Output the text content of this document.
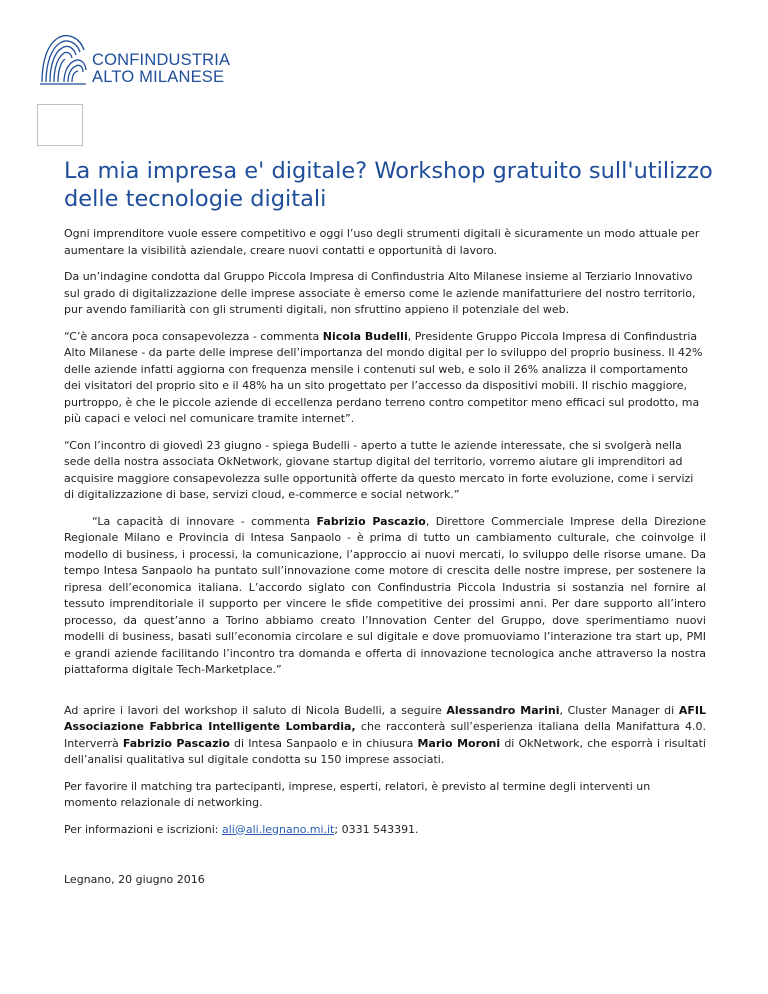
CONFINDUSTRIA
ALTO MILANESE
La mia impresa e' digitale? Workshop gratuito sull'utilizzo delle tecnologie digitali

Ogni imprenditore vuole essere competitivo e oggi l’uso degli strumenti digitali è sicuramente un modo attuale per aumentare la visibilità aziendale, creare nuovi contatti e opportunità di lavoro.

Da un’indagine condotta dal Gruppo Piccola Impresa di Confindustria Alto Milanese insieme al Terziario Innovativo sul grado di digitalizzazione delle imprese associate è emerso come le aziende manifatturiere del nostro territorio, pur avendo familiarità con gli strumenti digitali, non sfruttino appieno il potenziale del web.

“C’è ancora poca consapevolezza - commenta Nicola Budelli, Presidente Gruppo Piccola Impresa di Confindustria Alto Milanese - da parte delle imprese dell’importanza del mondo digital per lo sviluppo del proprio business. Il 42% delle aziende infatti aggiorna con frequenza mensile i contenuti sul web, e solo il 26% analizza il comportamento dei visitatori del proprio sito e il 48% ha un sito progettato per l’accesso da dispositivi mobili. Il rischio maggiore, purtroppo, è che le piccole aziende di eccellenza perdano terreno contro competitor meno efficaci sul prodotto, ma più capaci e veloci nel comunicare tramite internet”.

“Con l’incontro di giovedì 23 giugno - spiega Budelli - aperto a tutte le aziende interessate, che si svolgerà nella sede della nostra associata OkNetwork, giovane startup digital del territorio, vorremo aiutare gli imprenditori ad acquisire maggiore consapevolezza sulle opportunità offerte da questo mercato in forte evoluzione, come i servizi di digitalizzazione di base, servizi cloud, e-commerce e social network.”

“La capacità di innovare - commenta Fabrizio Pascazio, Direttore Commerciale Imprese della Direzione Regionale Milano e Provincia di Intesa Sanpaolo - è prima di tutto un cambiamento culturale, che coinvolge il modello di business, i processi, la comunicazione, l’approccio ai nuovi mercati, lo sviluppo delle risorse umane. Da tempo Intesa Sanpaolo ha puntato sull’innovazione come motore di crescita delle nostre imprese, per sostenere la ripresa dell’economica italiana. L’accordo siglato con Confindustria Piccola Industria si sostanzia nel fornire al tessuto imprenditoriale il supporto per vincere le sfide competitive dei prossimi anni. Per dare supporto all’intero processo, da quest’anno a Torino abbiamo creato l’Innovation Center del Gruppo, dove sperimentiamo nuovi modelli di business, basati sull’economia circolare e sul digitale e dove promuoviamo l’interazione tra start up, PMI e grandi aziende facilitando l’incontro tra domanda e offerta di innovazione tecnologica anche attraverso la nostra piattaforma digitale Tech-Marketplace.”

Ad aprire i lavori del workshop il saluto di Nicola Budelli, a seguire Alessandro Marini, Cluster Manager di AFIL Associazione Fabbrica Intelligente Lombardia, che racconterà sull’esperienza italiana della Manifattura 4.0. Interverrà Fabrizio Pascazio di Intesa Sanpaolo e in chiusura Mario Moroni di OkNetwork, che esporrà i risultati dell’analisi qualitativa sul digitale condotta su 150 imprese associati.

Per favorire il matching tra partecipanti, imprese, esperti, relatori, è previsto al termine degli interventi un momento relazionale di networking.

Per informazioni e iscrizioni: ali@ali.legnano.mi.it; 0331 543391.

Legnano, 20 giugno 2016
